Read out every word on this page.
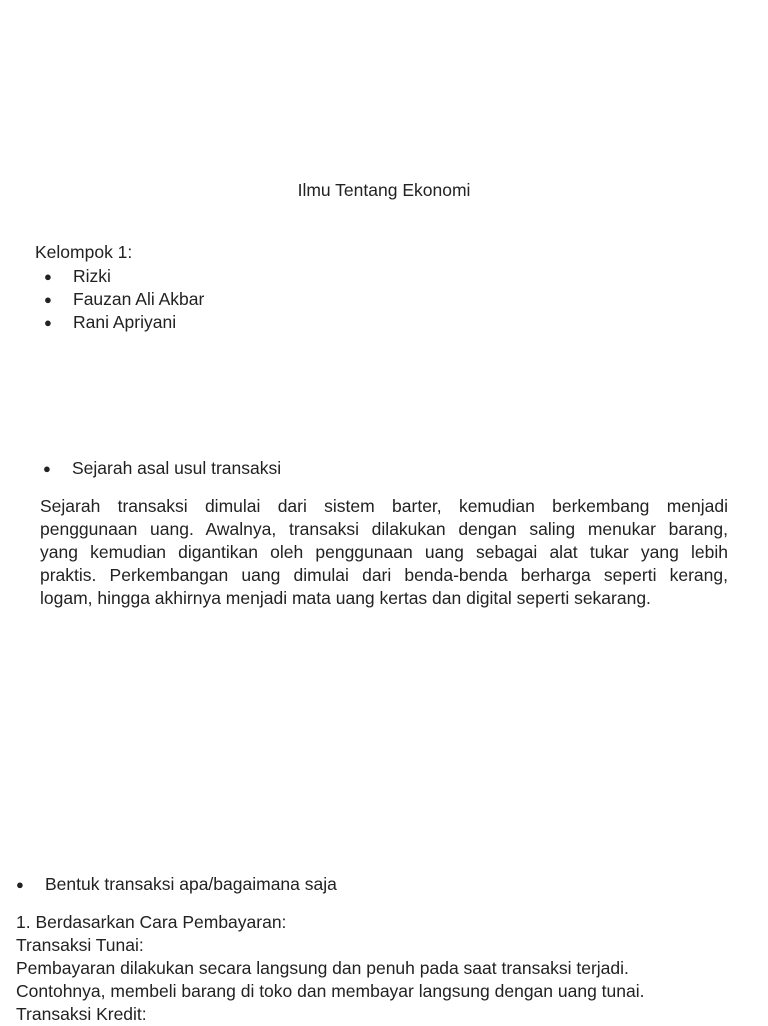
Ilmu Tentang Ekonomi
Kelompok 1:
● Rizki
● Fauzan Ali Akbar
● Rani Apriyani
● Sejarah asal usul transaksi
Sejarah transaksi dimulai dari sistem barter, kemudian berkembang menjadi
penggunaan uang. Awalnya, transaksi dilakukan dengan saling menukar barang,
yang kemudian digantikan oleh penggunaan uang sebagai alat tukar yang lebih
praktis. Perkembangan uang dimulai dari benda-benda berharga seperti kerang,
logam, hingga akhirnya menjadi mata uang kertas dan digital seperti sekarang.
● Bentuk transaksi apa/bagaimana saja
1. Berdasarkan Cara Pembayaran:
Transaksi Tunai:
Pembayaran dilakukan secara langsung dan penuh pada saat transaksi terjadi.
Contohnya, membeli barang di toko dan membayar langsung dengan uang tunai.
Transaksi Kredit:
